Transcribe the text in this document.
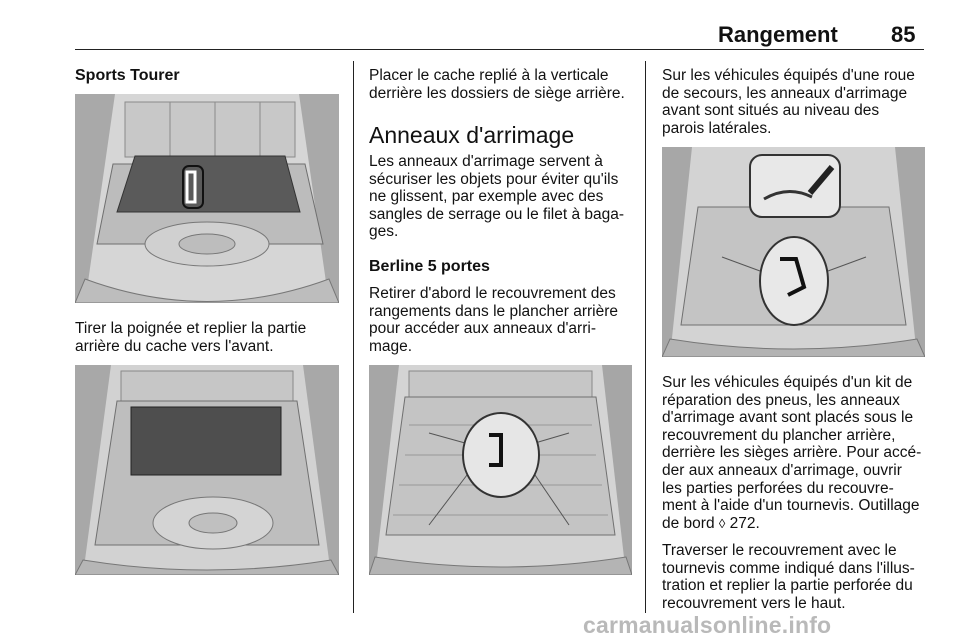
Rangement 85
Sports Tourer

Tirer la poignée et replier la partie
arrière du cache vers l'avant.

Placer le cache replié à la verticale
derrière les dossiers de siège arrière.

Anneaux d'arrimage

Les anneaux d'arrimage servent à
sécuriser les objets pour éviter qu'ils
ne glissent, par exemple avec des
sangles de serrage ou le filet à baga-
ges.

Berline 5 portes

Retirer d'abord le recouvrement des
rangements dans le plancher arrière
pour accéder aux anneaux d'arri-
mage.

Sur les véhicules équipés d'une roue
de secours, les anneaux d'arrimage
avant sont situés au niveau des
parois latérales.

Sur les véhicules équipés d'un kit de
réparation des pneus, les anneaux
d'arrimage avant sont placés sous le
recouvrement du plancher arrière,
derrière les sièges arrière. Pour accé-
der aux anneaux d'arrimage, ouvrir
les parties perforées du recouvre-
ment à l'aide d'un tournevis. Outillage
de bord ◊ 272.

Traverser le recouvrement avec le
tournevis comme indiqué dans l'illus-
tration et replier la partie perforée du
recouvrement vers le haut.

carmanualsonline.info
